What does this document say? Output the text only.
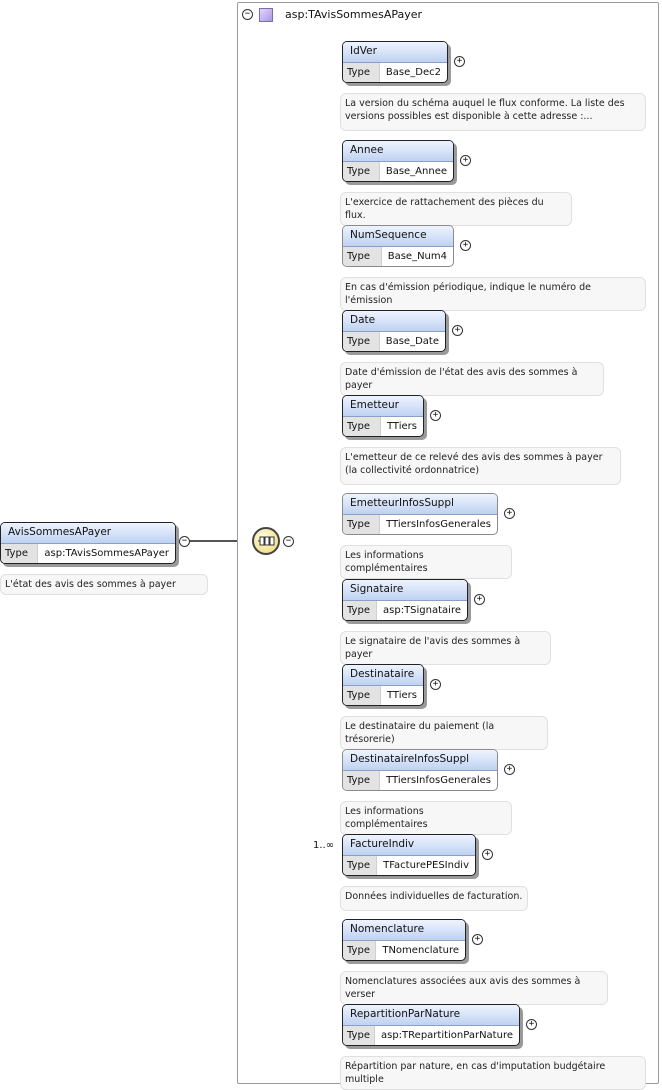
−	asp:TAvisSommesAPayer
AvisSommesAPayer
Type	asp:TAvisSommesAPayer
−
L'état des avis des sommes à payer
−
IdVer
Type	Base_Dec2
+
La version du schéma auquel le flux conforme. La liste des versions possibles est disponible à cette adresse :...
Annee
Type	Base_Annee
+
L'exercice de rattachement des pièces du flux.
NumSequence
Type	Base_Num4
+
En cas d'émission périodique, indique le numéro de l'émission
Date
Type	Base_Date
+
Date d'émission de l'état des avis des sommes à payer
Emetteur
Type	TTiers
+
L'emetteur de ce relevé des avis des sommes à payer (la collectivité ordonnatrice)
EmetteurInfosSuppl
Type	TTiersInfosGenerales
+
Les informations complémentaires
Signataire
Type	asp:TSignataire
+
Le signataire de l'avis des sommes à payer
Destinataire
Type	TTiers
+
Le destinataire du paiement (la trésorerie)
DestinataireInfosSuppl
Type	TTiersInfosGenerales
+
Les informations complémentaires
FactureIndiv
Type	TFacturePESIndiv
+
Données individuelles de facturation.
1..∞
Nomenclature
Type	TNomenclature
+
Nomenclatures associées aux avis des sommes à verser
RepartitionParNature
Type	asp:TRepartitionParNature
+
Répartition par nature, en cas d'imputation budgétaire multiple
